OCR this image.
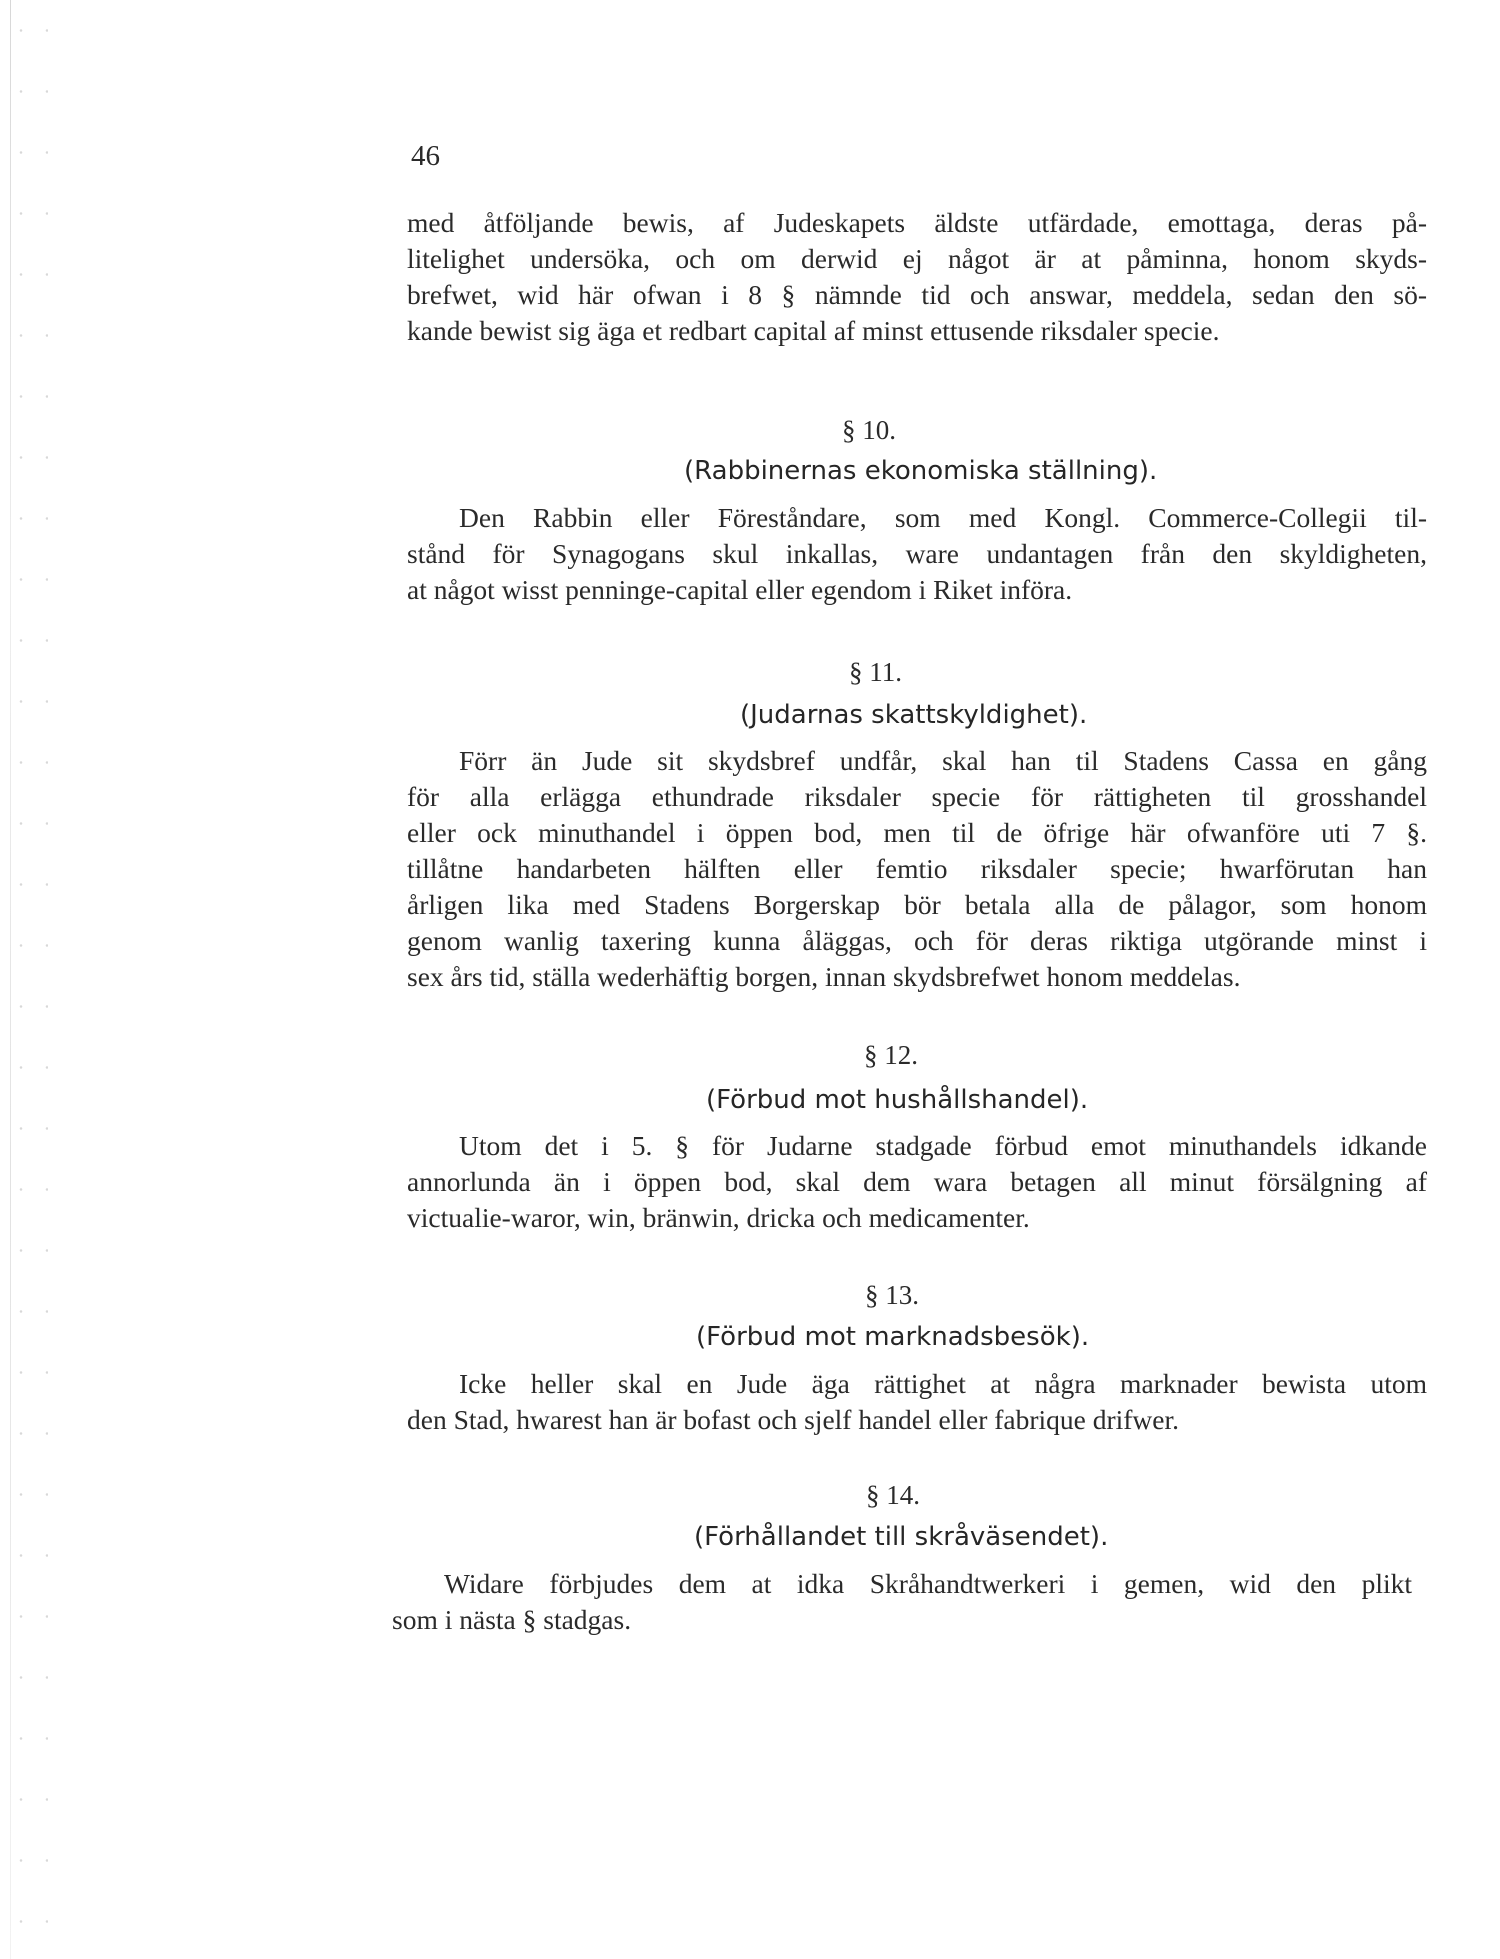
46
med åtföljande bewis, af Judeskapets äldste utfärdade, emottaga, deras på-
litelighet undersöka, och om derwid ej något är at påminna, honom skyds-
brefwet, wid här ofwan i 8 § nämnde tid och answar, meddela, sedan den sö-
kande bewist sig äga et redbart capital af minst ettusende riksdaler specie.
§ 10.
(Rabbinernas ekonomiska ställning).
Den Rabbin eller Föreståndare, som med Kongl. Commerce-Collegii til-
stånd för Synagogans skul inkallas, ware undantagen från den skyldigheten,
at något wisst penninge-capital eller egendom i Riket införa.
§ 11.
(Judarnas skattskyldighet).
Förr än Jude sit skydsbref undfår, skal han til Stadens Cassa en gång
för alla erlägga ethundrade riksdaler specie för rättigheten til grosshandel
eller ock minuthandel i öppen bod, men til de öfrige här ofwanföre uti 7 §.
tillåtne handarbeten hälften eller femtio riksdaler specie; hwarförutan han
årligen lika med Stadens Borgerskap bör betala alla de pålagor, som honom
genom wanlig taxering kunna åläggas, och för deras riktiga utgörande minst i
sex års tid, ställa wederhäftig borgen, innan skydsbrefwet honom meddelas.
§ 12.
(Förbud mot hushållshandel).
Utom det i 5. § för Judarne stadgade förbud emot minuthandels idkande
annorlunda än i öppen bod, skal dem wara betagen all minut försälgning af
victualie-waror, win, bränwin, dricka och medicamenter.
§ 13.
(Förbud mot marknadsbesök).
Icke heller skal en Jude äga rättighet at några marknader bewista utom
den Stad, hwarest han är bofast och sjelf handel eller fabrique drifwer.
§ 14.
(Förhållandet till skråväsendet).
Widare förbjudes dem at idka Skråhandtwerkeri i gemen, wid den plikt
som i nästa § stadgas.
